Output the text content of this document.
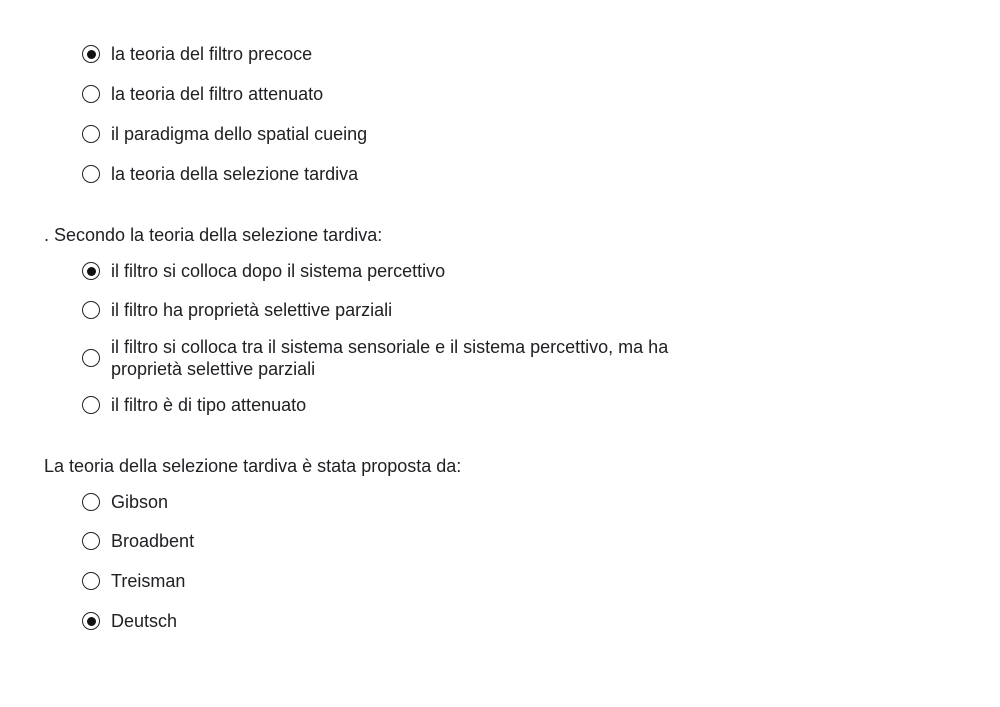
la teoria del filtro precoce
la teoria del filtro attenuato
il paradigma dello spatial cueing
la teoria della selezione tardiva
. Secondo la teoria della selezione tardiva:
il filtro si colloca dopo il sistema percettivo
il filtro ha proprietà selettive parziali
il filtro si colloca tra il sistema sensoriale e il sistema percettivo, ma ha proprietà selettive parziali
il filtro è di tipo attenuato
La teoria della selezione tardiva è stata proposta da:
Gibson
Broadbent
Treisman
Deutsch
